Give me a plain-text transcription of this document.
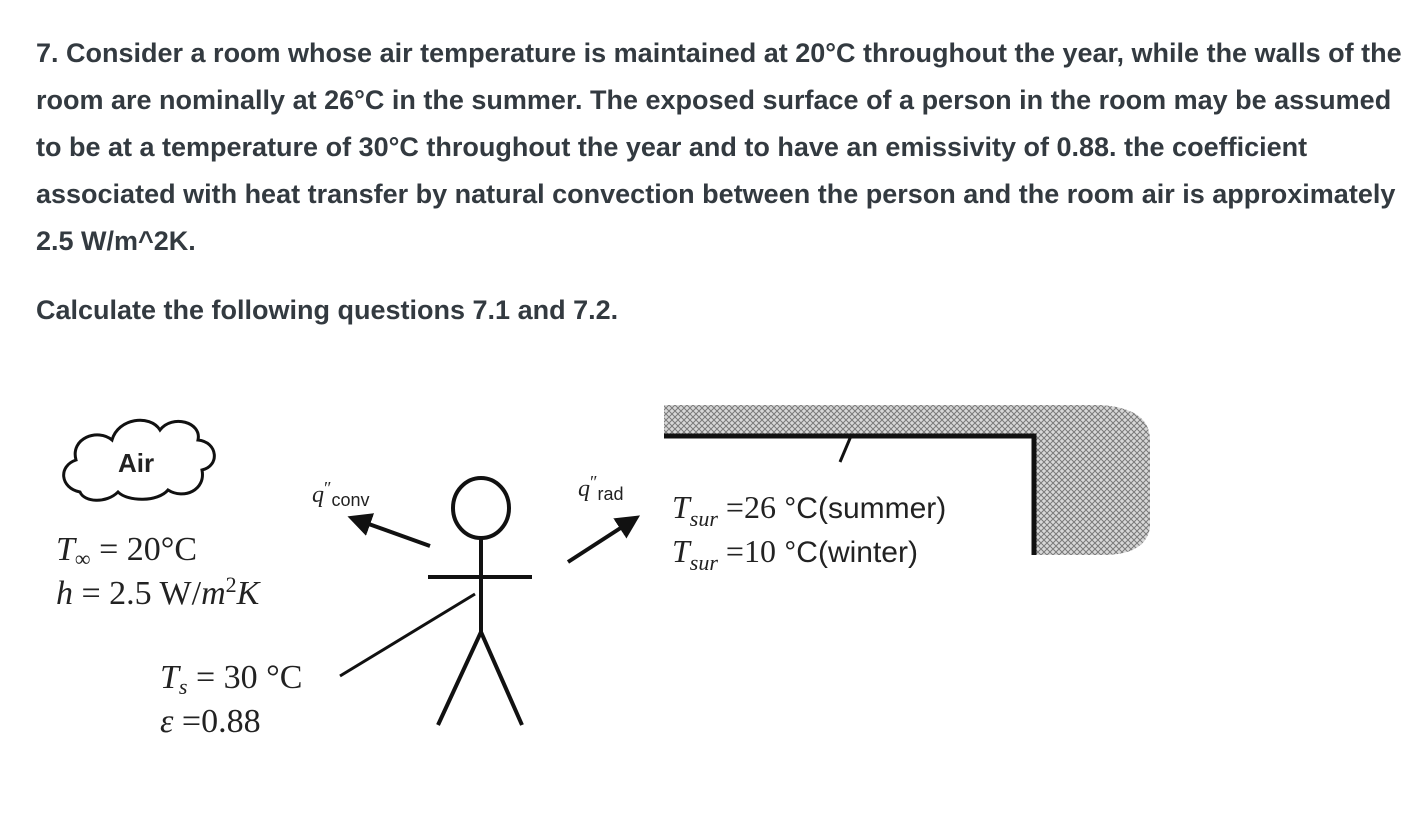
7. Consider a room whose air temperature is maintained at 20°C throughout the year, while the walls of the room are nominally at 26°C in the summer. The exposed surface of a person in the room may be assumed to be at a temperature of 30°C throughout the year and to have an emissivity of 0.88. the coefficient associated with heat transfer by natural convection between the person and the room air is approximately 2.5 W/m^2K.

Calculate the following questions 7.1 and 7.2.

Air
$q''_{conv}$	$q''_{rad}$
T∞ = 20°C
h = 2.5 $W/m^2K$
Ts = 30 °C
ε =0.88
$T_{sur} =26$ °C(summer)
$T_{sur} =10$ °C(winter)
